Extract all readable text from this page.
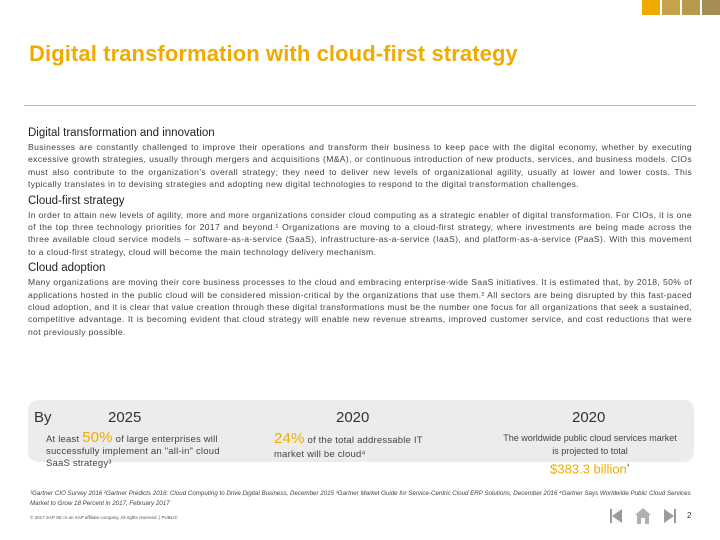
Digital transformation with cloud-first strategy
Digital transformation and innovation
Businesses are constantly challenged to improve their operations and transform their business to keep pace with the digital economy, whether by executing excessive growth strategies, usually through mergers and acquisitions (M&A), or continuous introduction of new products, services, and business models. CIOs must also contribute to the organization’s overall strategy; they need to deliver new levels of organizational agility, usually at lower and lower costs. This typically translates in to devising strategies and adopting new digital technologies to respond to the digital transformation challenges.
Cloud-first strategy
In order to attain new levels of agility, more and more organizations consider cloud computing as a strategic enabler of digital transformation. For CIOs, it is one of the top three technology priorities for 2017 and beyond.¹ Organizations are moving to a cloud-first strategy, where investments are being made across the three available cloud service models – software-as-a-service (SaaS), infrastructure-as-a-service (IaaS), and platform-as-a-service (PaaS). With this movement to a cloud-first strategy, cloud will become the main technology delivery mechanism.
Cloud adoption
Many organizations are moving their core business processes to the cloud and embracing enterprise-wide SaaS initiatives. It is estimated that, by 2018, 50% of applications hosted in the public cloud will be considered mission-critical by the organizations that use them.² All sectors are being disrupted by this fast-paced cloud adoption, and it is clear that value creation through these digital transformations must be the number one focus for all organizations that seek a sustained, competitive advantage. It is becoming evident that cloud strategy will enable new revenue streams, improved customer service, and cost reductions that were not previously possible.
By	2025	2020	2020
At least 50% of large enterprises will successfully implement an "all-in" cloud SaaS strategy³
24% of the total addressable IT market will be cloud⁴
The worldwide public cloud services market is projected to total
$383.3 billion$^{^4}$
¹Gartner CIO Survey 2016 ²Gartner Predicts 2016: Cloud Computing to Drive Digital Business, December 2015 ³Gartner Market Guide for Service-Centric Cloud ERP Solutions, December 2016 ⁴Gartner Says Worldwide Public Cloud Services Market to Grow 18 Percent in 2017, February 2017
© 2017 SAP SE or an SAP affiliate company. All rights reserved. | PUBLIC	2
